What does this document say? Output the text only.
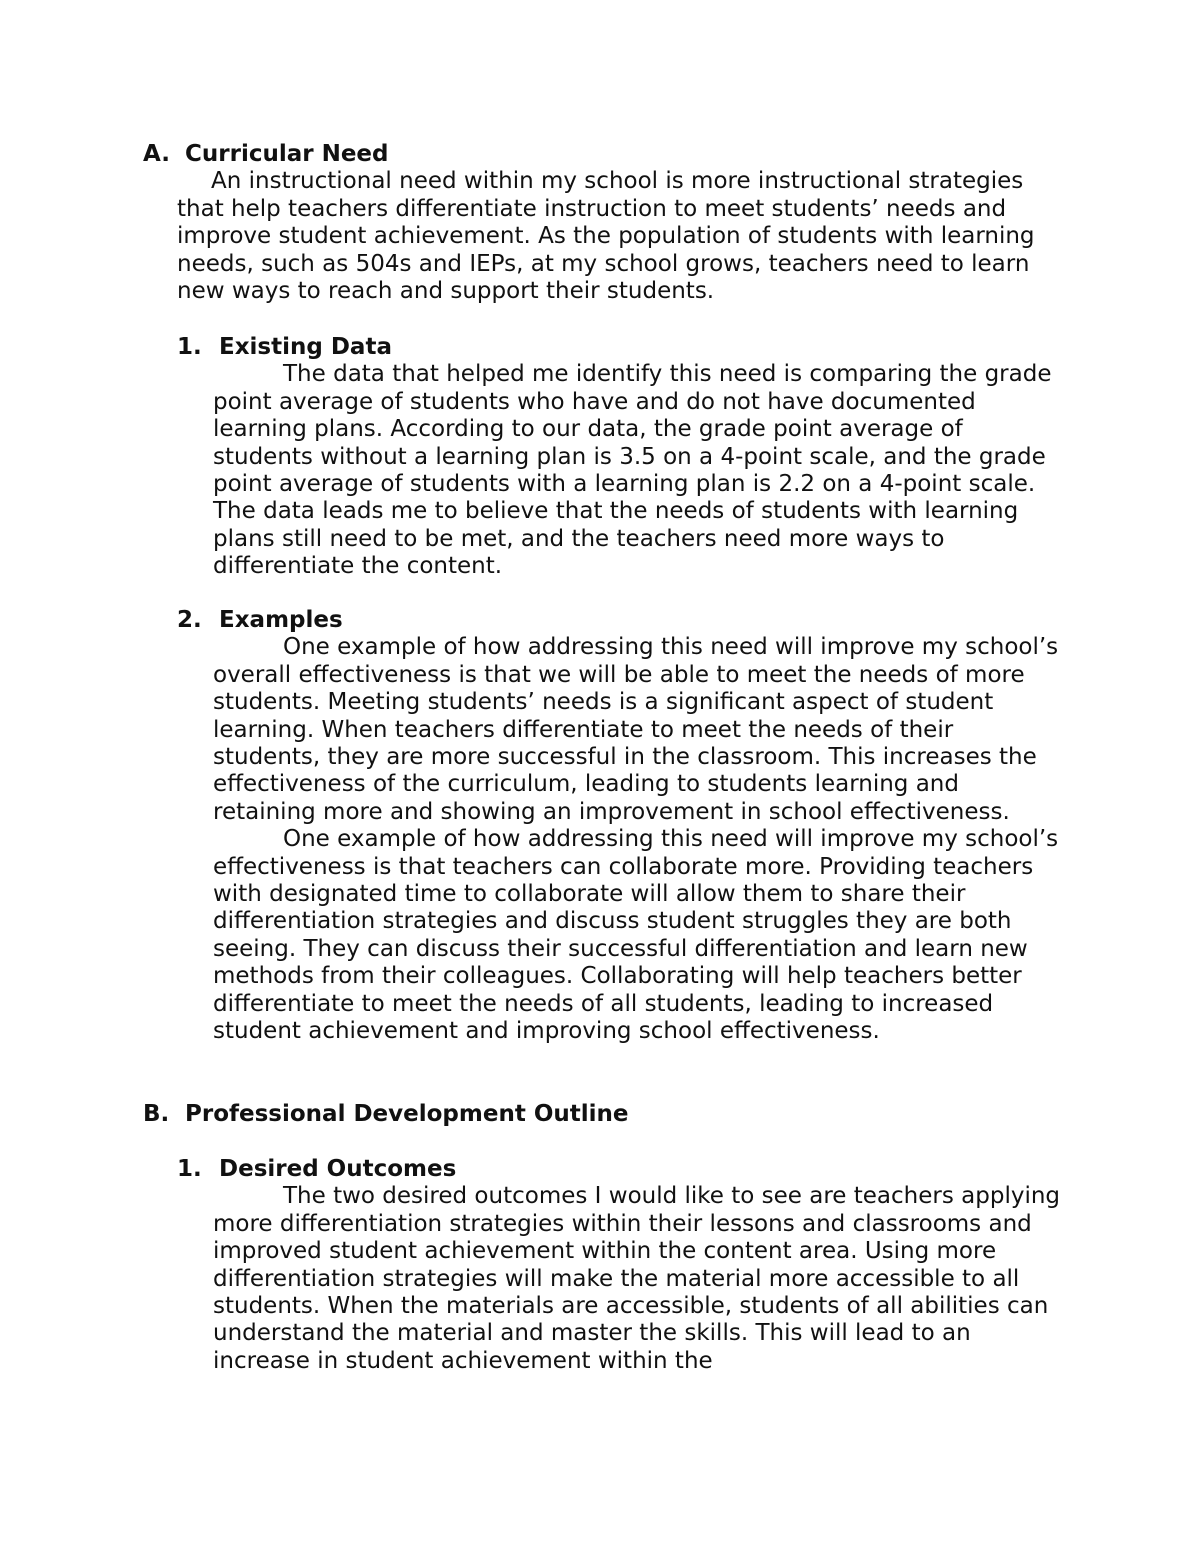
A. Curricular Need

An instructional need within my school is more instructional strategies that help teachers differentiate instruction to meet students’ needs and improve student achievement. As the population of students with learning needs, such as 504s and IEPs, at my school grows, teachers need to learn new ways to reach and support their students.

1. Existing Data

The data that helped me identify this need is comparing the grade point average of students who have and do not have documented learning plans. According to our data, the grade point average of students without a learning plan is 3.5 on a 4-point scale, and the grade point average of students with a learning plan is 2.2 on a 4-point scale. The data leads me to believe that the needs of students with learning plans still need to be met, and the teachers need more ways to differentiate the content.

2. Examples

One example of how addressing this need will improve my school’s overall effectiveness is that we will be able to meet the needs of more students. Meeting students’ needs is a significant aspect of student learning. When teachers differentiate to meet the needs of their students, they are more successful in the classroom. This increases the effectiveness of the curriculum, leading to students learning and retaining more and showing an improvement in school effectiveness.

One example of how addressing this need will improve my school’s effectiveness is that teachers can collaborate more. Providing teachers with designated time to collaborate will allow them to share their differentiation strategies and discuss student struggles they are both seeing. They can discuss their successful differentiation and learn new methods from their colleagues. Collaborating will help teachers better differentiate to meet the needs of all students, leading to increased student achievement and improving school effectiveness.

B. Professional Development Outline

1. Desired Outcomes

The two desired outcomes I would like to see are teachers applying more differentiation strategies within their lessons and classrooms and improved student achievement within the content area. Using more differentiation strategies will make the material more accessible to all students. When the materials are accessible, students of all abilities can understand the material and master the skills. This will lead to an increase in student achievement within the
